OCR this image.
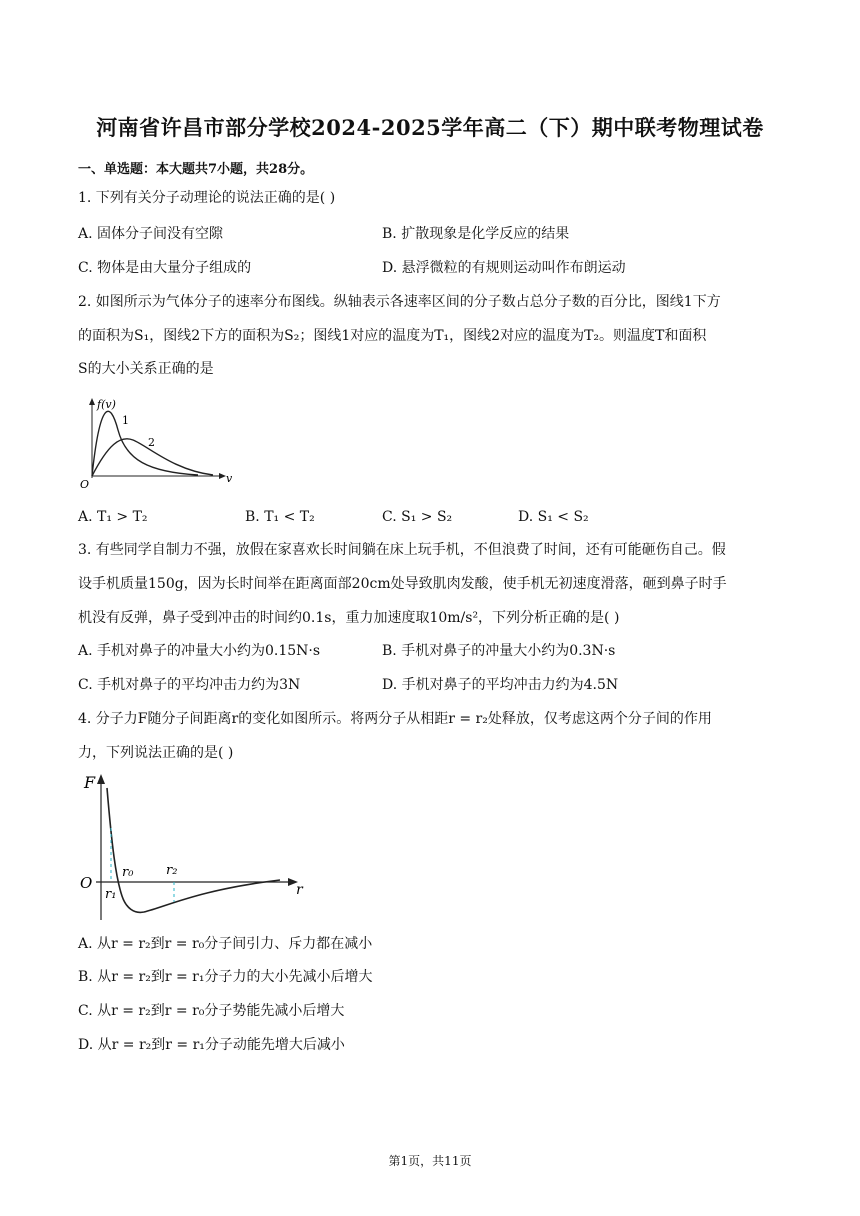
河南省许昌市部分学校2024-2025学年高二（下）期中联考物理试卷
一、单选题：本大题共7小题，共28分。
1. 下列有关分子动理论的说法正确的是( )
A. 固体分子间没有空隙	B. 扩散现象是化学反应的结果
C. 物体是由大量分子组成的	D. 悬浮微粒的有规则运动叫作布朗运动
2. 如图所示为气体分子的速率分布图线。纵轴表示各速率区间的分子数占总分子数的百分比，图线1下方
的面积为S₁，图线2下方的面积为S₂；图线1对应的温度为T₁，图线2对应的温度为T₂。则温度T和面积
S的大小关系正确的是
f(v)
v
O
1
2
A. T₁ > T₂	B. T₁ < T₂	C. S₁ > S₂	D. S₁ < S₂
3. 有些同学自制力不强，放假在家喜欢长时间躺在床上玩手机，不但浪费了时间，还有可能砸伤自己。假
设手机质量150g，因为长时间举在距离面部20cm处导致肌肉发酸，使手机无初速度滑落，砸到鼻子时手
机没有反弹，鼻子受到冲击的时间约0.1s，重力加速度取10m/s²，下列分析正确的是( )
A. 手机对鼻子的冲量大小约为0.15N·s	B. 手机对鼻子的冲量大小约为0.3N·s
C. 手机对鼻子的平均冲击力约为3N	D. 手机对鼻子的平均冲击力约为4.5N
4. 分子力F随分子间距离r的变化如图所示。将两分子从相距r = r₂处释放，仅考虑这两个分子间的作用
力，下列说法正确的是( )
F
r
O
r₀
r₁
r₂
A. 从r = r₂到r = r₀分子间引力、斥力都在减小
B. 从r = r₂到r = r₁分子力的大小先减小后增大
C. 从r = r₂到r = r₀分子势能先减小后增大
D. 从r = r₂到r = r₁分子动能先增大后减小
第1页，共11页
